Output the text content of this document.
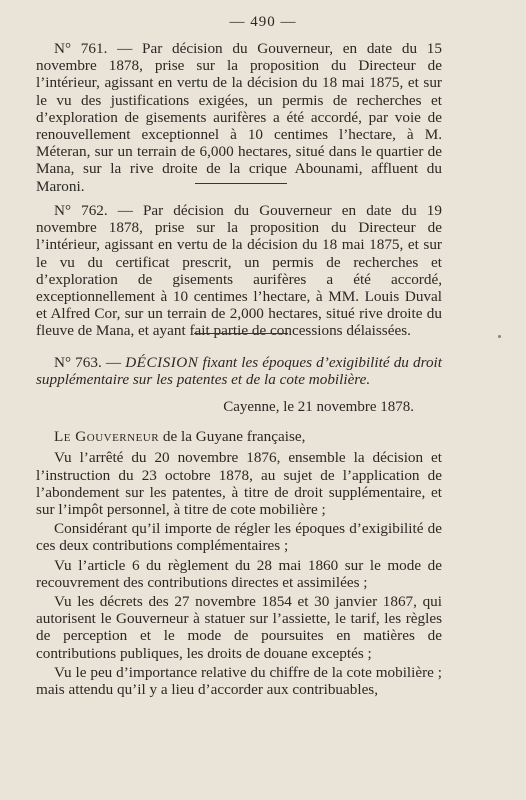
— 490 —

N° 761. — Par décision du Gouverneur, en date du 15 novembre 1878, prise sur la proposition du Directeur de l’intérieur, agissant en vertu de la décision du 18 mai 1875, et sur le vu des justifications exigées, un permis de recherches et d’exploration de gisements aurifères a été accordé, par voie de renouvellement exceptionnel à 10 centimes l’hectare, à M. Méteran, sur un terrain de 6,000 hectares, situé dans le quartier de Mana, sur la rive droite de la crique Abounami, affluent du Maroni.

N° 762. — Par décision du Gouverneur en date du 19 novembre 1878, prise sur la proposition du Directeur de l’intérieur, agissant en vertu de la décision du 18 mai 1875, et sur le vu du certificat prescrit, un permis de recherches et d’exploration de gisements aurifères a été accordé, exceptionnellement à 10 centimes l’hectare, à MM. Louis Duval et Alfred Cor, sur un terrain de 2,000 hectares, situé rive droite du fleuve de Mana, et ayant fait partie de concessions délaissées.

N° 763. — DÉCISION fixant les époques d’exigibilité du droit supplémentaire sur les patentes et de la cote mobilière.

Cayenne, le 21 novembre 1878.

Le Gouverneur de la Guyane française,

Vu l’arrêté du 20 novembre 1876, ensemble la décision et l’instruction du 23 octobre 1878, au sujet de l’application de l’abondement sur les patentes, à titre de droit supplémentaire, et sur l’impôt personnel, à titre de cote mobilière ;

Considérant qu’il importe de régler les époques d’exigibilité de ces deux contributions complémentaires ;

Vu l’article 6 du règlement du 28 mai 1860 sur le mode de recouvrement des contributions directes et assimilées ;

Vu les décrets des 27 novembre 1854 et 30 janvier 1867, qui autorisent le Gouverneur à statuer sur l’assiette, le tarif, les règles de perception et le mode de poursuites en matières de contributions publiques, les droits de douane exceptés ;

Vu le peu d’importance relative du chiffre de la cote mobilière ; mais attendu qu’il y a lieu d’accorder aux contribuables,
